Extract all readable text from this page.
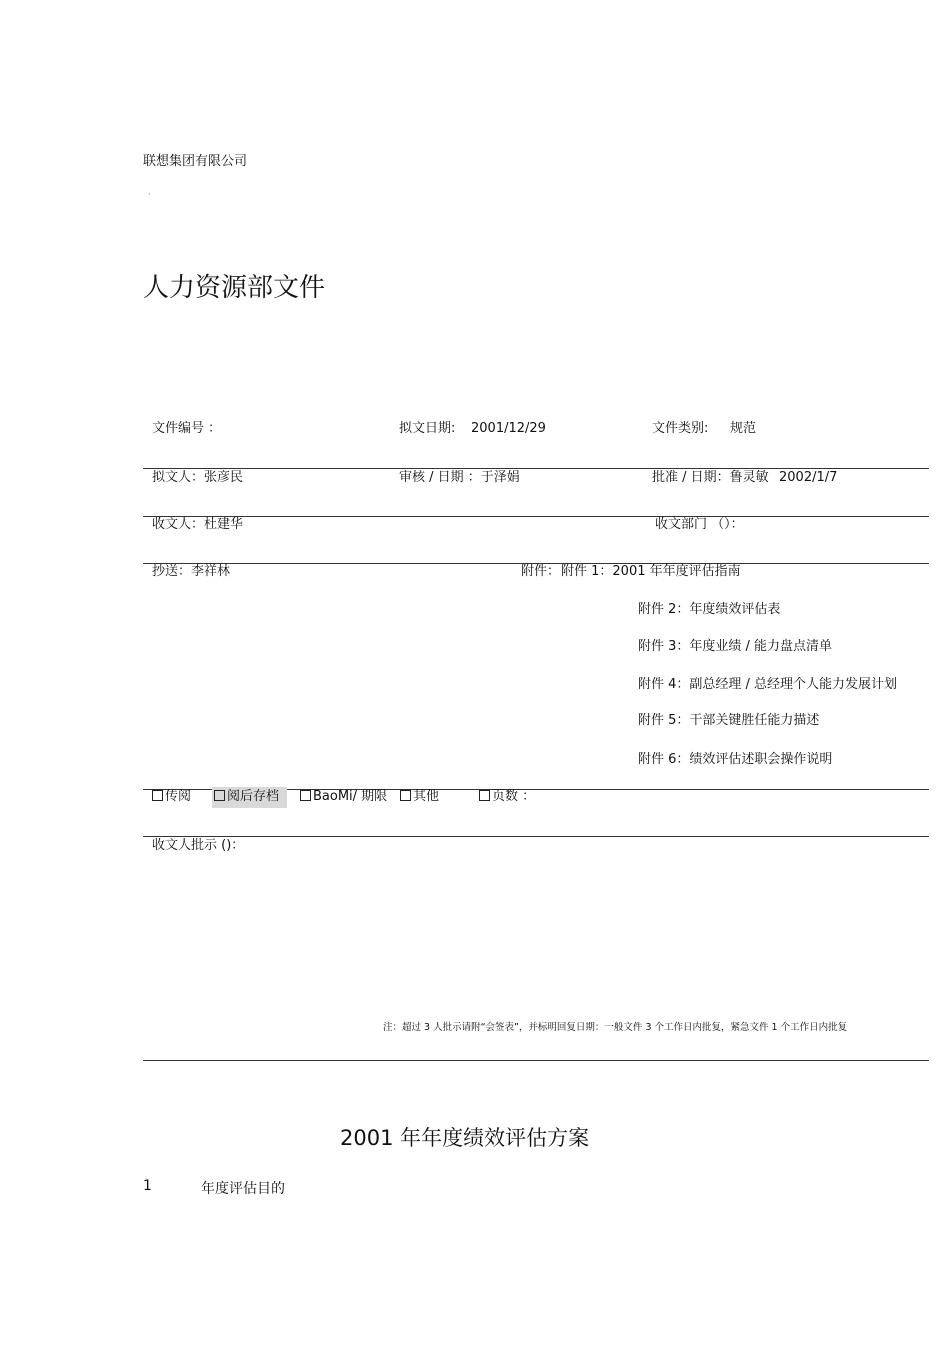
联想集团有限公司
·
人力资源部文件
文件编号 ：	拟文日期: 2001/12/29	文件类别: 规范
拟文人：张彦民	审核 / 日期 ：于泽娟	批准 / 日期：鲁灵敏 2002/1/7
收文人：杜建华	收文部门 （）：
抄送：李祥林	附件： 附件 1：2001 年年度评估指南
附件 2：年度绩效评估表
附件 3：年度业绩 / 能力盘点清单
附件 4：副总经理 / 总经理个人能力发展计划
附件 5：干部关键胜任能力描述
附件 6：绩效评估述职会操作说明
传阅	阅后存档	BaoMi/ 期限	其他	页数 ：
收文人批示 ()：
注：超过 3 人批示请附“会签表”，并标明回复日期：一般文件 3 个工作日内批复，紧急文件 1 个工作日内批复
2001 年年度绩效评估方案
1	年度评估目的
